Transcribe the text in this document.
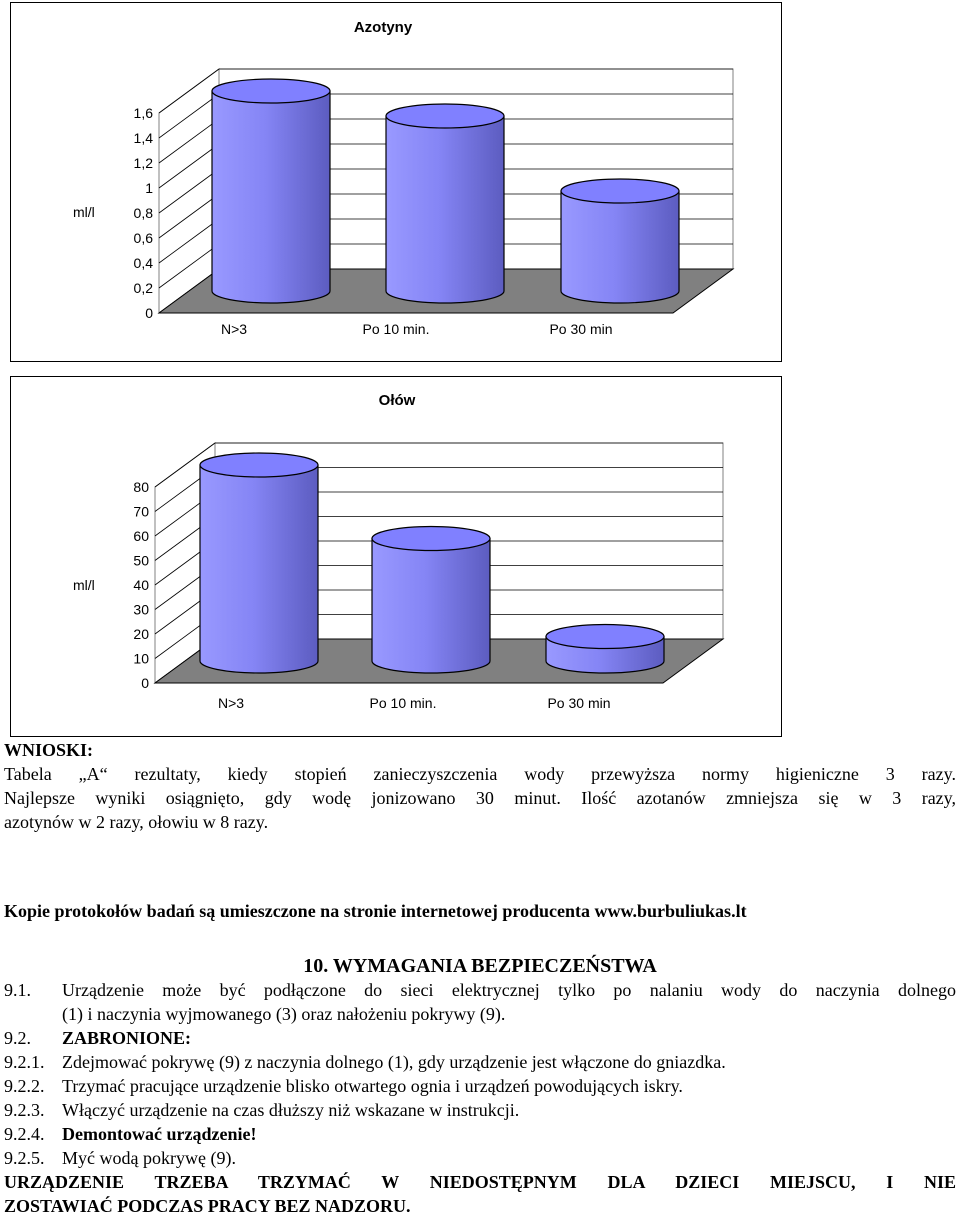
Azotyny
ml/l
1,6
1,4
1,2
1
0,8
0,6
0,4
0,2
0
N>3	Po 10 min.	Po 30 min
Ołów
ml/l
80
70
60
50
40
30
20
10
0
N>3	Po 10 min.	Po 30 min

WNIOSKI:

Tabela „A“ rezultaty, kiedy stopień zanieczyszczenia wody przewyższa normy higieniczne 3 razy.

Najlepsze wyniki osiągnięto, gdy wodę jonizowano 30 minut. Ilość azotanów zmniejsza się w 3 razy,

azotynów w 2 razy, ołowiu w 8 razy.

Kopie protokołów badań są umieszczone na stronie internetowej producenta www.burbuliukas.lt

10. WYMAGANIA BEZPIECZEŃSTWA

9.1.	Urządzenie może być podłączone do sieci elektrycznej tylko po nalaniu wody do naczynia dolnego

(1) i naczynia wyjmowanego (3) oraz nałożeniu pokrywy (9).

9.2.	ZABRONIONE:
9.2.1. Zdejmować pokrywę (9) z naczynia dolnego (1), gdy urządzenie jest włączone do gniazdka.
9.2.2. Trzymać pracujące urządzenie blisko otwartego ognia i urządzeń powodujących iskry.
9.2.3. Włączyć urządzenie na czas dłuższy niż wskazane w instrukcji.
9.2.4. Demontować urządzenie!
9.2.5. Myć wodą pokrywę (9).

URZĄDZENIE TRZEBA TRZYMAĆ W NIEDOSTĘPNYM DLA DZIECI MIEJSCU, I NIE

ZOSTAWIAĆ PODCZAS PRACY BEZ NADZORU.
